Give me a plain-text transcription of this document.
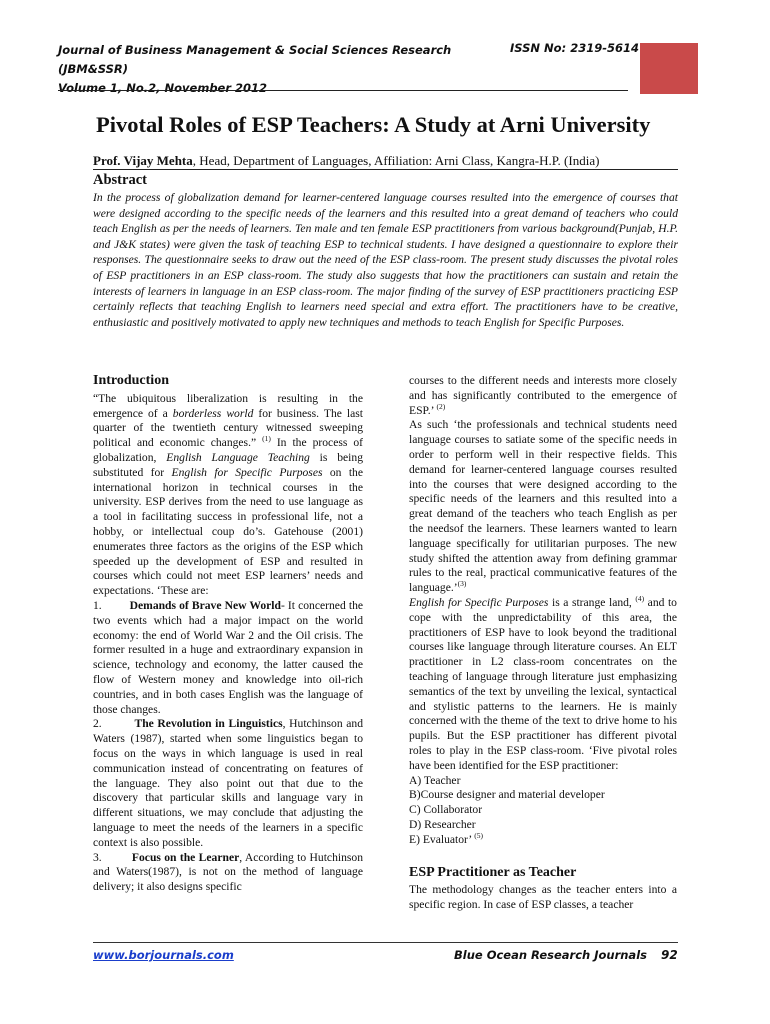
Journal of Business Management & Social Sciences Research (JBM&SSR)
Volume 1, No.2, November 2012
ISSN No: 2319-5614
Pivotal Roles of ESP Teachers: A Study at Arni University
Prof. Vijay Mehta, Head, Department of Languages, Affiliation: Arni Class, Kangra-H.P. (India)
Abstract
In the process of globalization demand for learner-centered language courses resulted into the emergence of courses that were designed according to the specific needs of the learners and this resulted into a great demand of teachers who could teach English as per the needs of learners. Ten male and ten female ESP practitioners from various background(Punjab, H.P. and J&K states) were given the task of teaching ESP to technical students. I have designed a questionnaire to explore their responses. The questionnaire seeks to draw out the need of the ESP class-room. The present study discusses the pivotal roles of ESP practitioners in an ESP class-room. The study also suggests that how the practitioners can sustain and retain the interests of learners in language in an ESP class-room. The major finding of the survey of ESP practitioners practicing ESP certainly reflects that teaching English to learners need special and extra effort. The practitioners have to be creative, enthusiastic and positively motivated to apply new techniques and methods to teach English for Specific Purposes.

Introduction

“The ubiquitous liberalization is resulting in the emergence of a borderless world for business. The last quarter of the twentieth century witnessed sweeping political and economic changes.” $^{(1)}$ In the process of globalization, English Language Teaching is being substituted for English for Specific Purposes on the international horizon in technical courses in the university. ESP derives from the need to use language as a tool in facilitating success in professional life, not a hobby, or intellectual coup do’s. Gatehouse (2001) enumerates three factors as the origins of the ESP which speeded up the development of ESP and resulted in courses which could not meet ESP learners’ needs and expectations. ‘These are:

1. Demands of Brave New World- It concerned the two events which had a major impact on the world economy: the end of World War 2 and the Oil crisis. The former resulted in a huge and extraordinary expansion in science, technology and economy, the latter caused the flow of Western money and knowledge into oil-rich countries, and in both cases English was the language of those changes.

2.	The Revolution in Linguistics, Hutchinson and Waters (1987), started when some linguistics began to focus on the ways in which language is used in real communication instead of concentrating on features of the language. They also point out that due to the discovery that particular skills and language vary in different situations, we may conclude that adjusting the language to meet the needs of the learners in a specific context is also possible.

3.	Focus on the Learner, According to Hutchinson and Waters(1987), is not on the method of language delivery; it also designs specific

courses to the different needs and interests more closely and has significantly contributed to the emergence of ESP.’ $^{(2)}$

As such ‘the professionals and technical students need language courses to satiate some of the specific needs in order to perform well in their respective fields. This demand for learner-centered language courses resulted into the courses that were designed according to the specific needs of the learners and this resulted into a great demand of the teachers who teach English as per the needsof the learners. These learners wanted to learn language specifically for utilitarian purposes. The new study shifted the attention away from defining grammar rules to the real, practical communicative features of the language.’$^{(3)}$

English for Specific Purposes is a strange land, $^{(4)}$ and to cope with the unpredictability of this area, the practitioners of ESP have to look beyond the traditional courses like language through literature courses. An ELT practitioner in L2 class-room concentrates on the teaching of language through literature just emphasizing semantics of the text by unveiling the lexical, syntactical and stylistic patterns to the learners. He is mainly concerned with the theme of the text to drive home to his pupils. But the ESP practitioner has different pivotal roles to play in the ESP class-room. ‘Five pivotal roles have been identified for the ESP practitioner:

A) Teacher
B)Course designer and material developer
C) Collaborator
D) Researcher
E) Evaluator’ $^{(5)}$

ESP Practitioner as Teacher

The methodology changes as the teacher enters into a specific region. In case of ESP classes, a teacher

www.borjournals.com	Blue Ocean Research Journals 92
